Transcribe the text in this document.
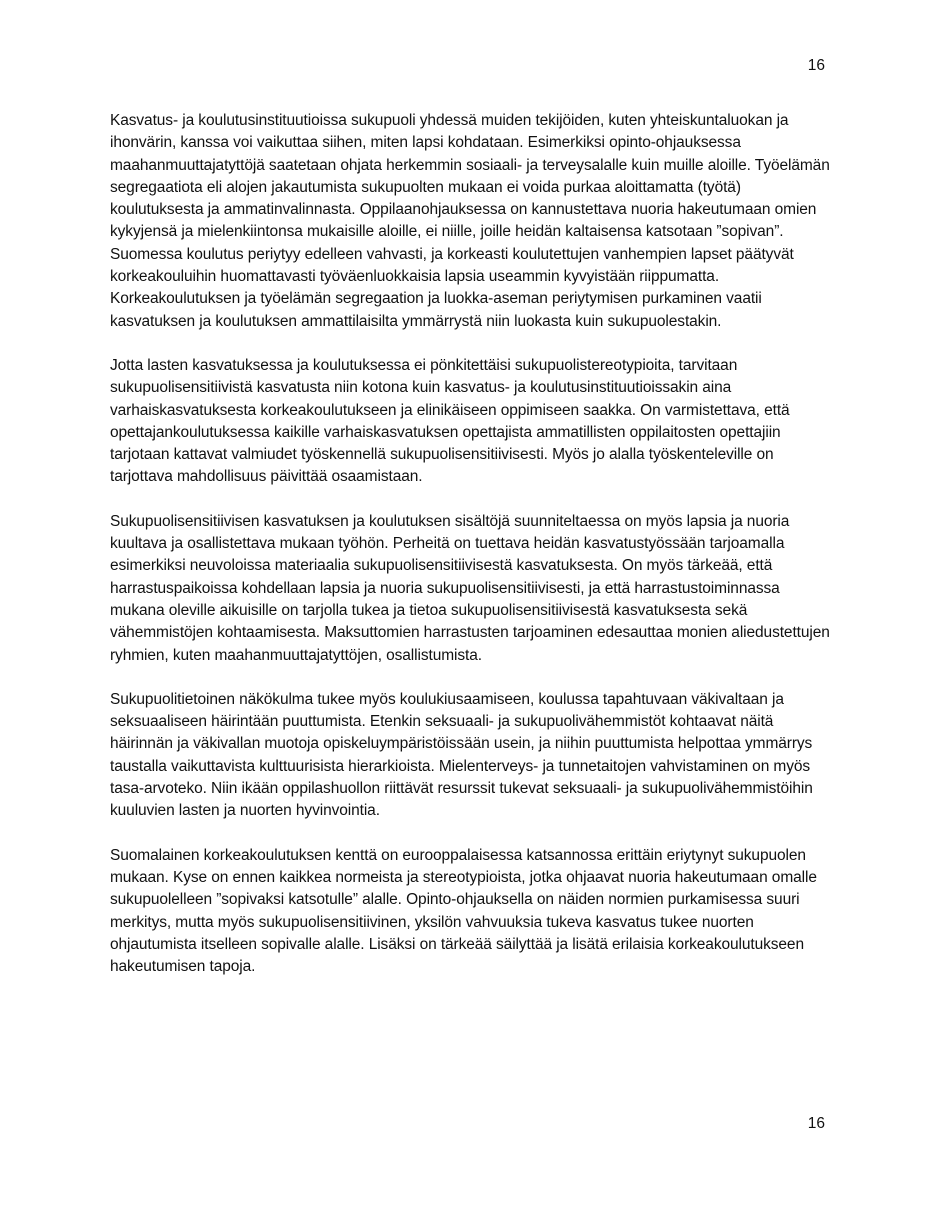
16

Kasvatus- ja koulutusinstituutioissa sukupuoli yhdessä muiden tekijöiden, kuten yhteiskuntaluokan ja ihonvärin, kanssa voi vaikuttaa siihen, miten lapsi kohdataan. Esimerkiksi opinto-ohjauksessa maahanmuuttajatyttöjä saatetaan ohjata herkemmin sosiaali- ja terveysalalle kuin muille aloille. Työelämän segregaatiota eli alojen jakautumista sukupuolten mukaan ei voida purkaa aloittamatta (työtä) koulutuksesta ja ammatinvalinnasta. Oppilaanohjauksessa on kannustettava nuoria hakeutumaan omien kykyjensä ja mielenkiintonsa mukaisille aloille, ei niille, joille heidän kaltaisensa katsotaan ”sopivan”. Suomessa koulutus periytyy edelleen vahvasti, ja korkeasti koulutettujen vanhempien lapset päätyvät korkeakouluihin huomattavasti työväenluokkaisia lapsia useammin kyvyistään riippumatta. Korkeakoulutuksen ja työelämän segregaation ja luokka-aseman periytymisen purkaminen vaatii kasvatuksen ja koulutuksen ammattilaisilta ymmärrystä niin luokasta kuin sukupuolestakin.

Jotta lasten kasvatuksessa ja koulutuksessa ei pönkitettäisi sukupuolistereotypioita, tarvitaan sukupuolisensitiivistä kasvatusta niin kotona kuin kasvatus- ja koulutusinstituutioissakin aina varhaiskasvatuksesta korkeakoulutukseen ja elinikäiseen oppimiseen saakka. On varmistettava, että opettajankoulutuksessa kaikille varhaiskasvatuksen opettajista ammatillisten oppilaitosten opettajiin tarjotaan kattavat valmiudet työskennellä sukupuolisensitiivisesti. Myös jo alalla työskenteleville on tarjottava mahdollisuus päivittää osaamistaan.

Sukupuolisensitiivisen kasvatuksen ja koulutuksen sisältöjä suunniteltaessa on myös lapsia ja nuoria kuultava ja osallistettava mukaan työhön. Perheitä on tuettava heidän kasvatustyössään tarjoamalla esimerkiksi neuvoloissa materiaalia sukupuolisensitiivisestä kasvatuksesta. On myös tärkeää, että harrastuspaikoissa kohdellaan lapsia ja nuoria sukupuolisensitiivisesti, ja että harrastustoiminnassa mukana oleville aikuisille on tarjolla tukea ja tietoa sukupuolisensitiivisestä kasvatuksesta sekä vähemmistöjen kohtaamisesta. Maksuttomien harrastusten tarjoaminen edesauttaa monien aliedustettujen ryhmien, kuten maahanmuuttajatyttöjen, osallistumista.

Sukupuolitietoinen näkökulma tukee myös koulukiusaamiseen, koulussa tapahtuvaan väkivaltaan ja seksuaaliseen häirintään puuttumista. Etenkin seksuaali- ja sukupuolivähemmistöt kohtaavat näitä häirinnän ja väkivallan muotoja opiskeluympäristöissään usein, ja niihin puuttumista helpottaa ymmärrys taustalla vaikuttavista kulttuurisista hierarkioista. Mielenterveys- ja tunnetaitojen vahvistaminen on myös tasa-arvoteko. Niin ikään oppilashuollon riittävät resurssit tukevat seksuaali- ja sukupuolivähemmistöihin kuuluvien lasten ja nuorten hyvinvointia.

Suomalainen korkeakoulutuksen kenttä on eurooppalaisessa katsannossa erittäin eriytynyt sukupuolen mukaan. Kyse on ennen kaikkea normeista ja stereotypioista, jotka ohjaavat nuoria hakeutumaan omalle sukupuolelleen ”sopivaksi katsotulle” alalle. Opinto-ohjauksella on näiden normien purkamisessa suuri merkitys, mutta myös sukupuolisensitiivinen, yksilön vahvuuksia tukeva kasvatus tukee nuorten ohjautumista itselleen sopivalle alalle. Lisäksi on tärkeää säilyttää ja lisätä erilaisia korkeakoulutukseen hakeutumisen tapoja.

16
